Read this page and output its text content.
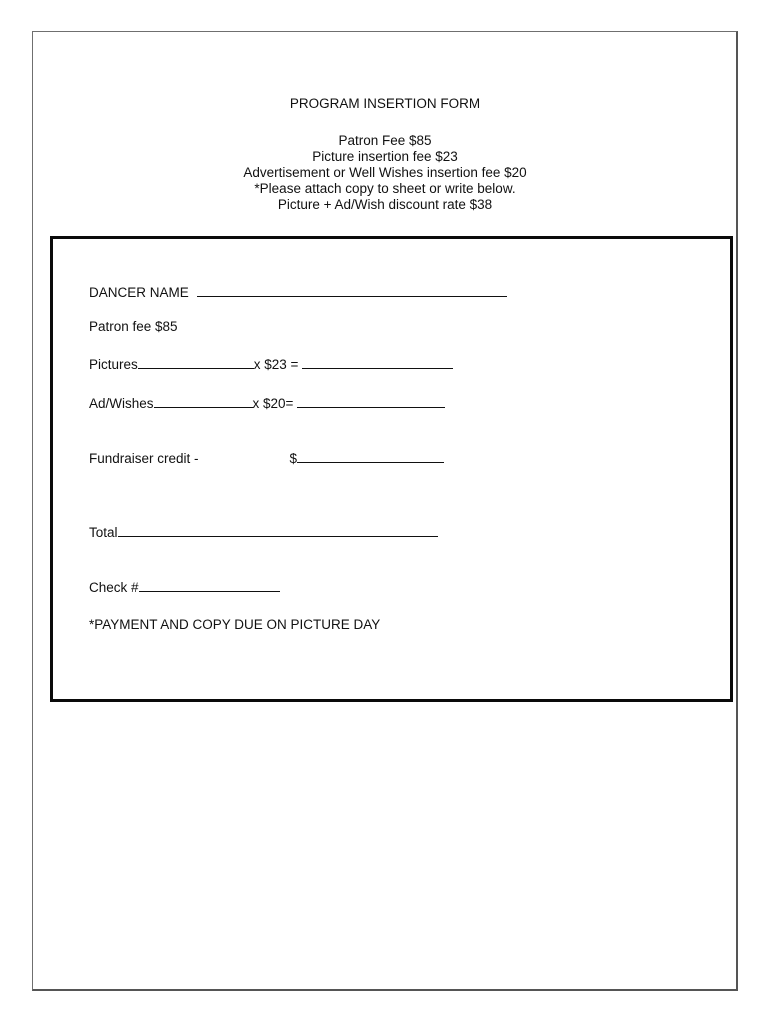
PROGRAM INSERTION FORM
Patron Fee $85
Picture insertion fee $23
Advertisement or Well Wishes insertion fee $20
*Please attach copy to sheet or write below.
Picture + Ad/Wish discount rate $38
DANCER NAME
Patron fee $85
Pictures	x $23 =
Ad/Wishes	x $20=
Fundraiser credit -	$
Total
Check #
*PAYMENT AND COPY DUE ON PICTURE DAY
